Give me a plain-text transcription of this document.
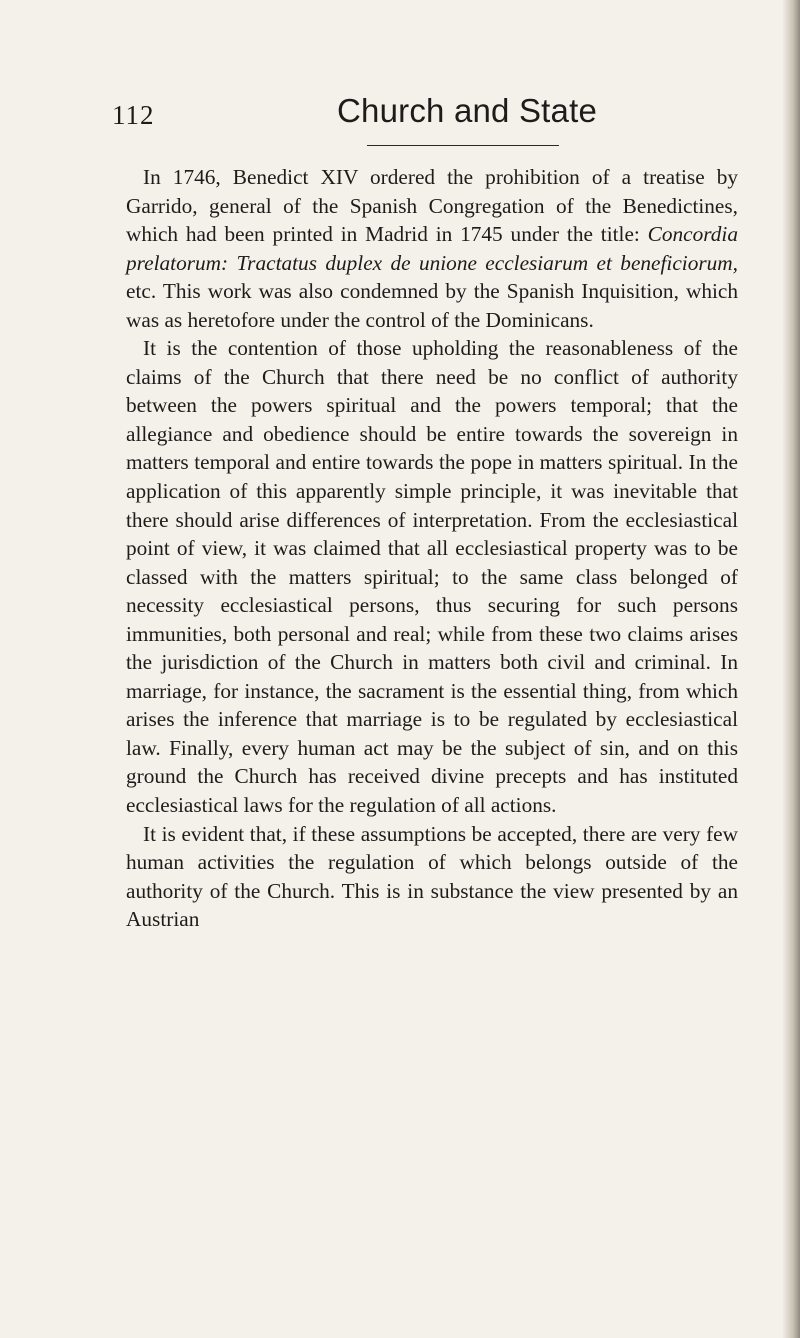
112	Church and State

In 1746, Benedict XIV ordered the prohibition of a treatise by Garrido, general of the Spanish Congregation of the Benedictines, which had been printed in Madrid in 1745 under the title: Concordia prelatorum: Tractatus duplex de unione ecclesiarum et beneficiorum, etc. This work was also condemned by the Spanish Inquisition, which was as heretofore under the control of the Dominicans.

It is the contention of those upholding the reasonableness of the claims of the Church that there need be no conflict of authority between the powers spiritual and the powers temporal; that the allegiance and obedience should be entire towards the sovereign in matters temporal and entire towards the pope in matters spiritual. In the application of this apparently simple principle, it was inevitable that there should arise differences of interpretation. From the ecclesiastical point of view, it was claimed that all ecclesiastical property was to be classed with the matters spiritual; to the same class belonged of necessity ecclesiastical persons, thus securing for such persons immunities, both personal and real; while from these two claims arises the jurisdiction of the Church in matters both civil and criminal. In marriage, for instance, the sacrament is the essential thing, from which arises the inference that marriage is to be regulated by ecclesiastical law. Finally, every human act may be the subject of sin, and on this ground the Church has received divine precepts and has instituted ecclesiastical laws for the regulation of all actions.

It is evident that, if these assumptions be accepted, there are very few human activities the regulation of which belongs outside of the authority of the Church. This is in substance the view presented by an Austrian
